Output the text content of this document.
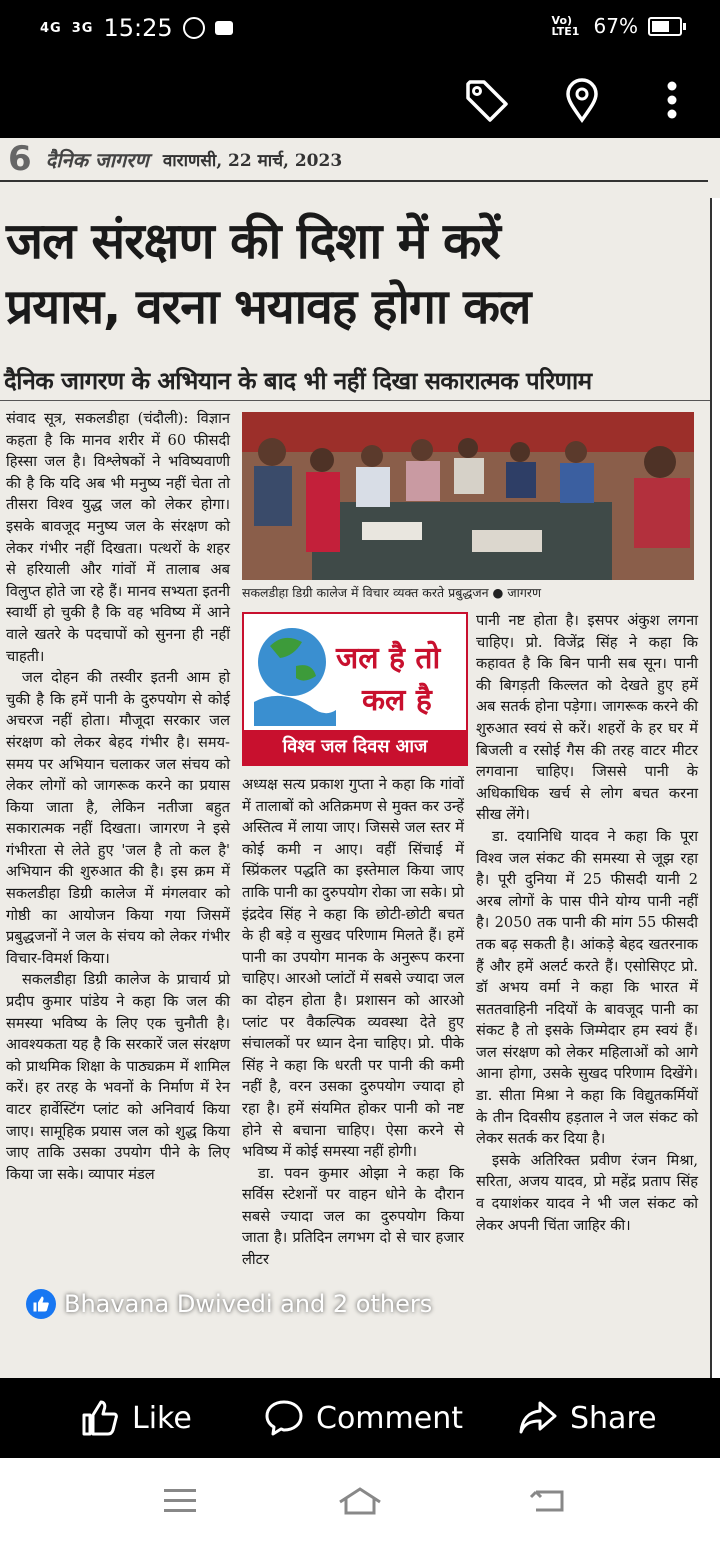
4G 3G 15:25	Vo) LTE1 67%
6 दैनिक जागरण वाराणसी, 22 मार्च, 2023
जल संरक्षण की दिशा में करें
प्रयास, वरना भयावह होगा कल
दैनिक जागरण के अभियान के बाद भी नहीं दिखा सकारात्मक परिणाम

संवाद सूत्र, सकलडीहा (चंदौली): विज्ञान कहता है कि मानव शरीर में 60 फीसदी हिस्सा जल है। विश्लेषकों ने भविष्यवाणी की है कि यदि अब भी मनुष्य नहीं चेता तो तीसरा विश्व युद्ध जल को लेकर होगा। इसके बावजूद मनुष्य जल के संरक्षण को लेकर गंभीर नहीं दिखता। पत्थरों के शहर से हरियाली और गांवों में तालाब अब विलुप्त होते जा रहे हैं। मानव सभ्यता इतनी स्वार्थी हो चुकी है कि वह भविष्य में आने वाले खतरे के पदचापों को सुनना ही नहीं चाहती।

जल दोहन की तस्वीर इतनी आम हो चुकी है कि हमें पानी के दुरुपयोग से कोई अचरज नहीं होता। मौजूदा सरकार जल संरक्षण को लेकर बेहद गंभीर है। समय-समय पर अभियान चलाकर जल संचय को लेकर लोगों को जागरूक करने का प्रयास किया जाता है, लेकिन नतीजा बहुत सकारात्मक नहीं दिखता। जागरण ने इसे गंभीरता से लेते हुए 'जल है तो कल है' अभियान की शुरुआत की है। इस क्रम में सकलडीहा डिग्री कालेज में मंगलवार को गोष्ठी का आयोजन किया गया जिसमें प्रबुद्धजनों ने जल के संचय को लेकर गंभीर विचार-विमर्श किया।

सकलडीहा डिग्री कालेज के प्राचार्य प्रो प्रदीप कुमार पांडेय ने कहा कि जल की समस्या भविष्य के लिए एक चुनौती है। आवश्यकता यह है कि सरकारें जल संरक्षण को प्राथमिक शिक्षा के पाठ्यक्रम में शामिल करें। हर तरह के भवनों के निर्माण में रेन वाटर हार्वेस्टिंग प्लांट को अनिवार्य किया जाए। सामूहिक प्रयास जल को शुद्ध किया जाए ताकि उसका उपयोग पीने के लिए किया जा सके। व्यापार मंडल

सकलडीहा डिग्री कालेज में विचार व्यक्त करते प्रबुद्धजन ● जागरण
जल है तो
कल है
विश्व जल दिवस आज

अध्यक्ष सत्य प्रकाश गुप्ता ने कहा कि गांवों में तालाबों को अतिक्रमण से मुक्त कर उन्हें अस्तित्व में लाया जाए। जिससे जल स्तर में कोई कमी न आए। वहीं सिंचाई में स्प्रिंकलर पद्धति का इस्तेमाल किया जाए ताकि पानी का दुरुपयोग रोका जा सके। प्रो इंद्रदेव सिंह ने कहा कि छोटी-छोटी बचत के ही बड़े व सुखद परिणाम मिलते हैं। हमें पानी का उपयोग मानक के अनुरूप करना चाहिए। आरओ प्लांटों में सबसे ज्यादा जल का दोहन होता है। प्रशासन को आरओ प्लांट पर वैकल्पिक व्यवस्था देते हुए संचालकों पर ध्यान देना चाहिए। प्रो. पीके सिंह ने कहा कि धरती पर पानी की कमी नहीं है, वरन उसका दुरुपयोग ज्यादा हो रहा है। हमें संयमित होकर पानी को नष्ट होने से बचाना चाहिए। ऐसा करने से भविष्य में कोई समस्या नहीं होगी।

डा. पवन कुमार ओझा ने कहा कि सर्विस स्टेशनों पर वाहन धोने के दौरान सबसे ज्यादा जल का दुरुपयोग किया जाता है। प्रतिदिन लगभग दो से चार हजार लीटर

पानी नष्ट होता है। इसपर अंकुश लगना चाहिए। प्रो. विजेंद्र सिंह ने कहा कि कहावत है कि बिन पानी सब सून। पानी की बिगड़ती किल्लत को देखते हुए हमें अब सतर्क होना पड़ेगा। जागरूक करने की शुरुआत स्वयं से करें। शहरों के हर घर में बिजली व रसोई गैस की तरह वाटर मीटर लगवाना चाहिए। जिससे पानी के अधिकाधिक खर्च से लोग बचत करना सीख लेंगे।

डा. दयानिधि यादव ने कहा कि पूरा विश्व जल संकट की समस्या से जूझ रहा है। पूरी दुनिया में 25 फीसदी यानी 2 अरब लोगों के पास पीने योग्य पानी नहीं है। 2050 तक पानी की मांग 55 फीसदी तक बढ़ सकती है। आंकड़े बेहद खतरनाक हैं और हमें अलर्ट करते हैं। एसोसिएट प्रो. डॉ अभय वर्मा ने कहा कि भारत में सततवाहिनी नदियों के बावजूद पानी का संकट है तो इसके जिम्मेदार हम स्वयं हैं। जल संरक्षण को लेकर महिलाओं को आगे आना होगा, उसके सुखद परिणाम दिखेंगे। डा. सीता मिश्रा ने कहा कि विद्युतकर्मियों के तीन दिवसीय हड़ताल ने जल संकट को लेकर सतर्क कर दिया है।

इसके अतिरिक्त प्रवीण रंजन मिश्रा, सरिता, अजय यादव, प्रो महेंद्र प्रताप सिंह व दयाशंकर यादव ने भी जल संकट को लेकर अपनी चिंता जाहिर की।

Bhavana Dwivedi and 2 others
Like	Comment	Share
